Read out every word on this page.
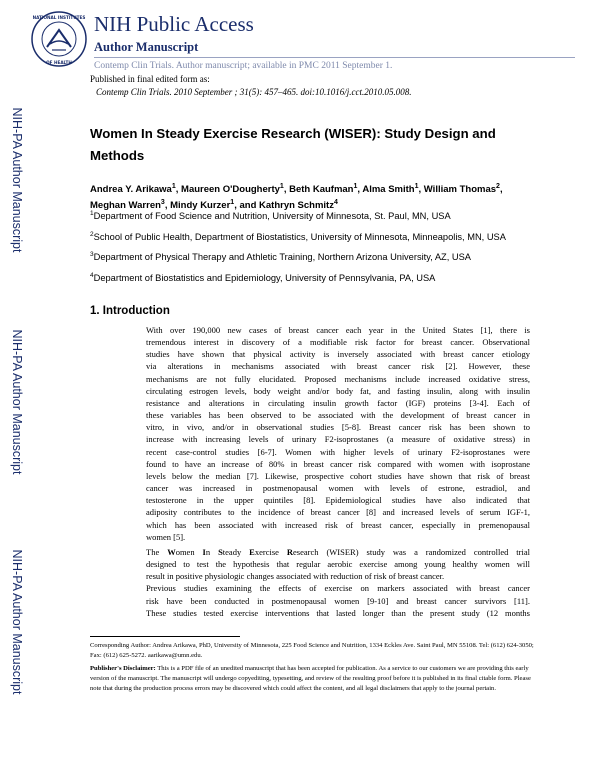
NATIONAL INSTITUTES
OF HEALTH
NIH Public Access
Author Manuscript
Contemp Clin Trials. Author manuscript; available in PMC 2011 September 1.
NIH-PA Author Manuscript
NIH-PA Author Manuscript
NIH-PA Author Manuscript
Published in final edited form as:
Contemp Clin Trials. 2010 September ; 31(5): 457–465. doi:10.1016/j.cct.2010.05.008.
Women In Steady Exercise Research (WISER): Study Design and
Methods
Andrea Y. Arikawa$^1$, Maureen O'Dougherty$^1$, Beth Kaufman$^1$, Alma Smith$^1$, William Thomas$^2$, Meghan Warren$^3$, Mindy Kurzer$^1$, and Kathryn Schmitz$^4$

$^1$Department of Food Science and Nutrition, University of Minnesota, St. Paul, MN, USA

$^2$School of Public Health, Department of Biostatistics, University of Minnesota, Minneapolis, MN, USA

$^3$Department of Physical Therapy and Athletic Training, Northern Arizona University, AZ, USA

$^4$Department of Biostatistics and Epidemiology, University of Pennsylvania, PA, USA

1. Introduction
With over 190,000 new cases of breast cancer each year in the United States [1], there is
tremendous interest in discovery of a modifiable risk factor for breast cancer. Observational
studies have shown that physical activity is inversely associated with breast cancer etiology
via alterations in mechanisms associated with breast cancer risk [2]. However, these
mechanisms are not fully elucidated. Proposed mechanisms include increased oxidative stress,
circulating estrogen levels, body weight and/or body fat, and fasting insulin, along with insulin
resistance and alterations in circulating insulin growth factor (IGF) proteins [3-4]. Each of
these variables has been observed to be associated with the development of breast cancer in
vitro, in vivo, and/or in observational studies [5-8]. Breast cancer risk has been shown to
increase with increasing levels of urinary F2-isoprostanes (a measure of oxidative stress) in
recent case-control studies [6-7]. Women with higher levels of urinary F2-isoprostanes were
found to have an increase of 80% in breast cancer risk compared with women with isoprostane
levels below the median [7]. Likewise, prospective cohort studies have shown that risk of breast
cancer was increased in postmenopausal women with levels of estrone, estradiol, and
testosterone in the upper quintiles [8]. Epidemiological studies have also indicated that
adiposity contributes to the incidence of breast cancer [8] and increased levels of serum IGF-1,
which has been associated with increased risk of breast cancer, especially in premenopausal
women [5].
The Women In Steady Exercise Research (WISER) study was a randomized controlled trial
designed to test the hypothesis that regular aerobic exercise among young healthy women will
result in positive physiologic changes associated with reduction of risk of breast cancer.
Previous studies examining the effects of exercise on markers associated with breast cancer
risk have been conducted in postmenopausal women [9-10] and breast cancer survivors [11].
These studies tested exercise interventions that lasted longer than the present study (12 months

Corresponding Author: Andrea Arikawa, PhD, University of Minnesota, 225 Food Science and Nutrition, 1334 Eckles Ave. Saint Paul, MN 55108. Tel: (612) 624-3050; Fax: (612) 625-5272. aarikawa@umn.edu.

Publisher's Disclaimer: This is a PDF file of an unedited manuscript that has been accepted for publication. As a service to our customers we are providing this early version of the manuscript. The manuscript will undergo copyediting, typesetting, and review of the resulting proof before it is published in its final citable form. Please note that during the production process errors may be discovered which could affect the content, and all legal disclaimers that apply to the journal pertain.
